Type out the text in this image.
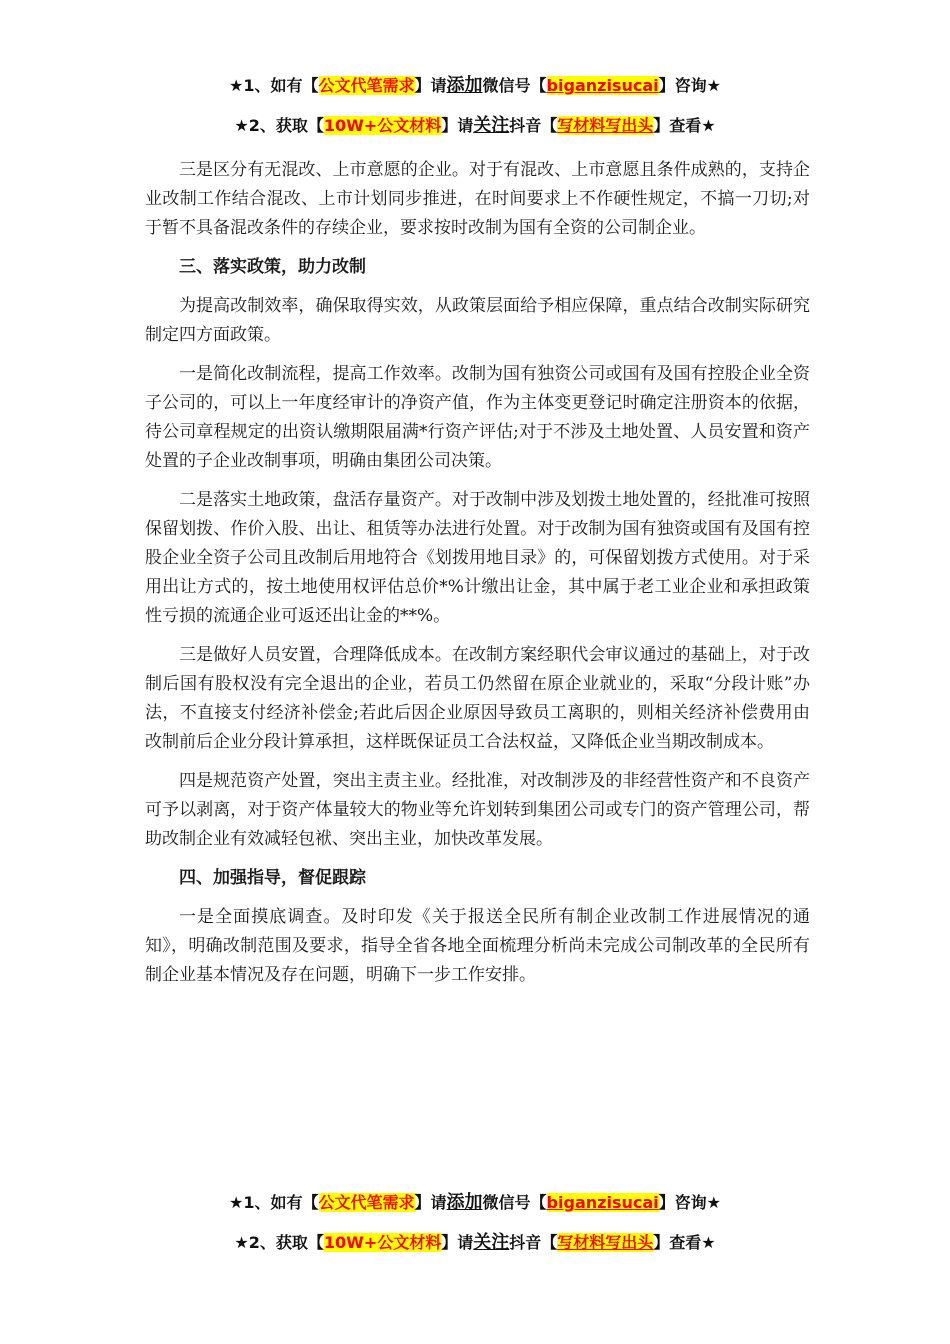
★1、如有【公文代笔需求】请添加微信号【biganzisucai】咨询★
★2、获取【10W+公文材料】请关注抖音【写材料写出头】查看★

三是区分有无混改、上市意愿的企业。对于有混改、上市意愿且条件成熟的，支持企业改制工作结合混改、上市计划同步推进，在时间要求上不作硬性规定，不搞一刀切;对于暂不具备混改条件的存续企业，要求按时改制为国有全资的公司制企业。

三、落实政策，助力改制

为提高改制效率，确保取得实效，从政策层面给予相应保障，重点结合改制实际研究制定四方面政策。

一是简化改制流程，提高工作效率。改制为国有独资公司或国有及国有控股企业全资子公司的，可以上一年度经审计的净资产值，作为主体变更登记时确定注册资本的依据，待公司章程规定的出资认缴期限届满*行资产评估;对于不涉及土地处置、人员安置和资产处置的子企业改制事项，明确由集团公司决策。

二是落实土地政策，盘活存量资产。对于改制中涉及划拨土地处置的，经批准可按照保留划拨、作价入股、出让、租赁等办法进行处置。对于改制为国有独资或国有及国有控股企业全资子公司且改制后用地符合《划拨用地目录》的，可保留划拨方式使用。对于采用出让方式的，按土地使用权评估总价*%计缴出让金，其中属于老工业企业和承担政策性亏损的流通企业可返还出让金的**%。

三是做好人员安置，合理降低成本。在改制方案经职代会审议通过的基础上，对于改制后国有股权没有完全退出的企业，若员工仍然留在原企业就业的，采取“分段计账”办法，不直接支付经济补偿金;若此后因企业原因导致员工离职的，则相关经济补偿费用由改制前后企业分段计算承担，这样既保证员工合法权益，又降低企业当期改制成本。

四是规范资产处置，突出主责主业。经批准，对改制涉及的非经营性资产和不良资产可予以剥离，对于资产体量较大的物业等允许划转到集团公司或专门的资产管理公司，帮助改制企业有效减轻包袱、突出主业，加快改革发展。

四、加强指导，督促跟踪

一是全面摸底调查。及时印发《关于报送全民所有制企业改制工作进展情况的通知》，明确改制范围及要求，指导全省各地全面梳理分析尚未完成公司制改革的全民所有制企业基本情况及存在问题，明确下一步工作安排。

★1、如有【公文代笔需求】请添加微信号【biganzisucai】咨询★
★2、获取【10W+公文材料】请关注抖音【写材料写出头】查看★
